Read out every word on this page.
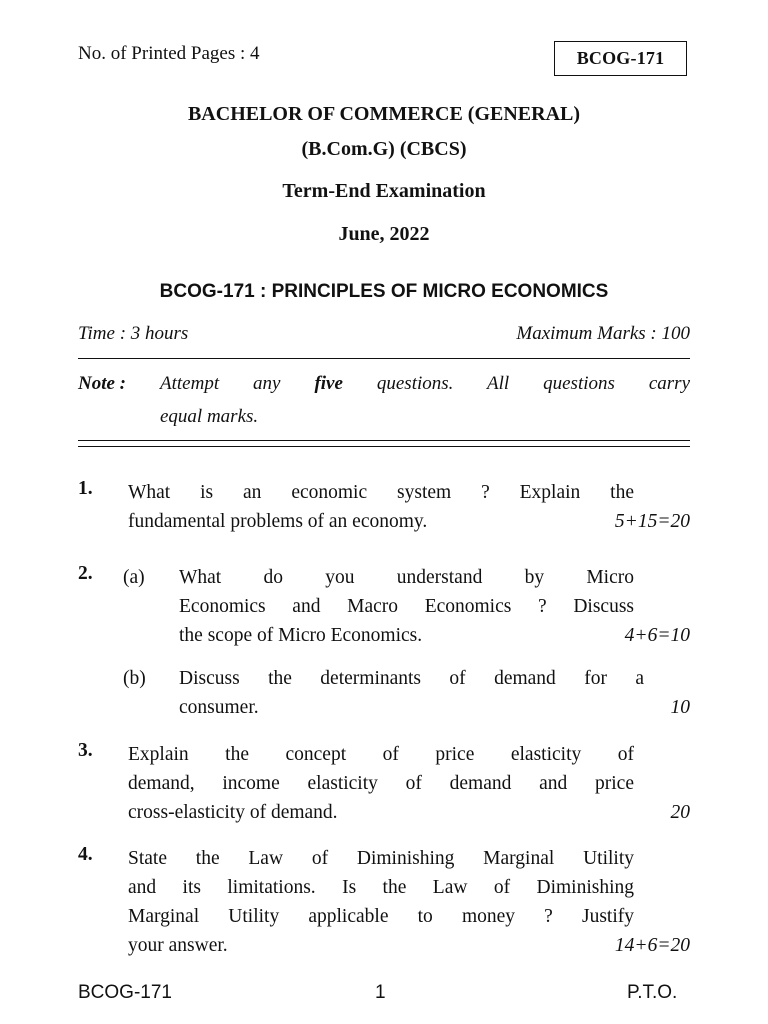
No. of Printed Pages : 4	BCOG-171
BACHELOR OF COMMERCE (GENERAL)
(B.Com.G) (CBCS)
Term-End Examination
June, 2022
BCOG-171 : PRINCIPLES OF MICRO ECONOMICS
Time : 3 hours	Maximum Marks : 100
Note : Attempt any five questions. All questions carry
equal marks.
1. What is an economic system ? Explain the
fundamental problems of an economy.	5+15=20
2. (a) What do you understand by Micro
Economics and Macro Economics ? Discuss
the scope of Micro Economics.	4+6=10
(b) Discuss the determinants of demand for a
consumer.	10
3. Explain the concept of price elasticity of
demand, income elasticity of demand and price
cross-elasticity of demand.	20
4. State the Law of Diminishing Marginal Utility
and its limitations. Is the Law of Diminishing
Marginal Utility applicable to money ? Justify
your answer.	14+6=20
BCOG-171	1	P.T.O.
